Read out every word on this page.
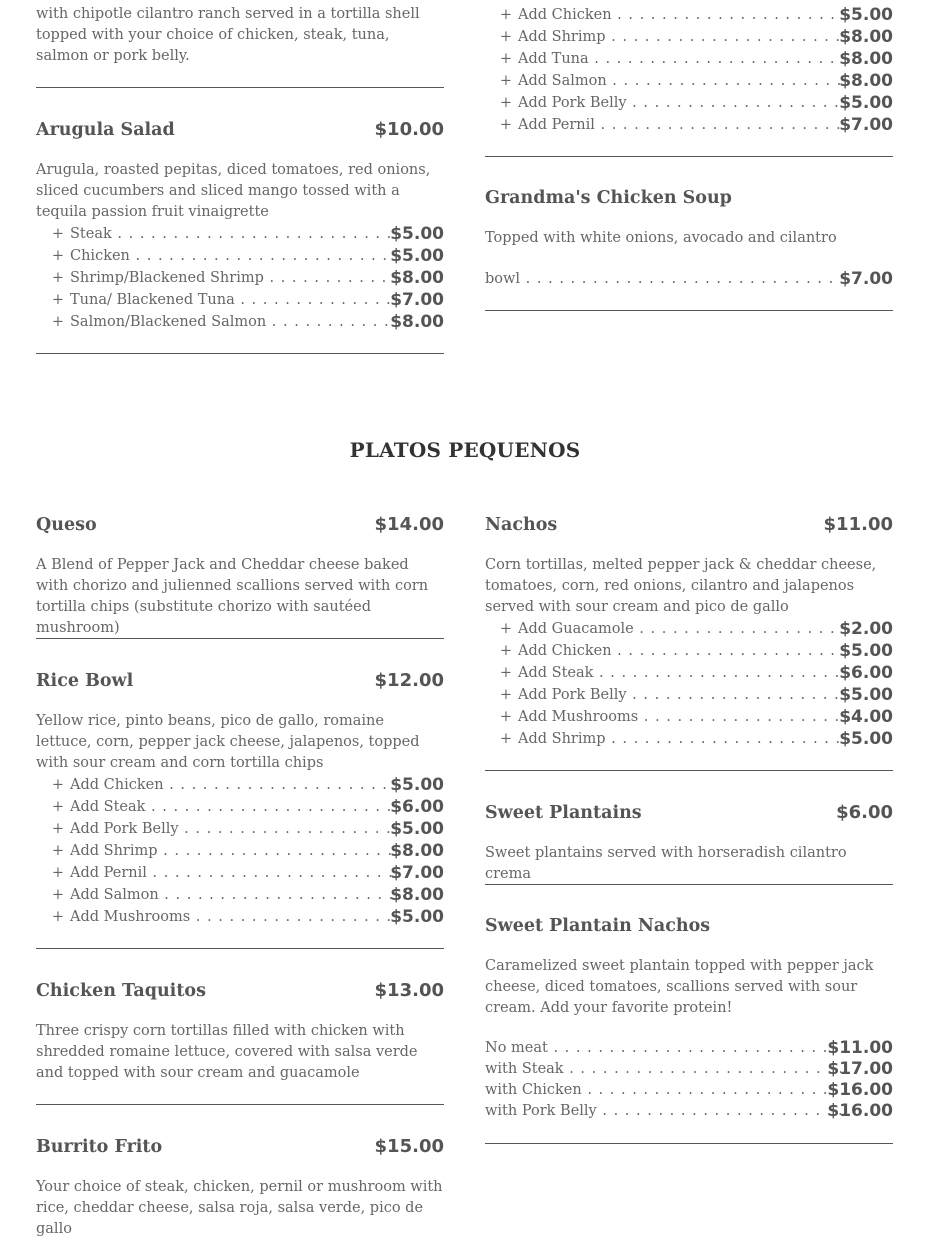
with chipotle cilantro ranch served in a tortilla shell topped with your choice of chicken, steak, tuna, salmon or pork belly.

Arugula Salad	$10.00

Arugula, roasted pepitas, diced tomatoes, red onions, sliced cucumbers and sliced mango tossed with a tequila passion fruit vinaigrette

+ Steak . . .	$5.00
+ Chicken . . .	$5.00
+ Shrimp/Blackened Shrimp . . .	$8.00
+ Tuna/ Blackened Tuna . . .	$7.00
+ Salmon/Blackened Salmon . . .	$8.00
+ Add Chicken . . .	$5.00
+ Add Shrimp . . .	$8.00
+ Add Tuna . . .	$8.00
+ Add Salmon . . .	$8.00
+ Add Pork Belly . . .	$5.00
+ Add Pernil . . .	$7.00
Grandma's Chicken Soup

Topped with white onions, avocado and cilantro

bowl . . .	$7.00
PLATOS PEQUENOS
Queso	$14.00

A Blend of Pepper Jack and Cheddar cheese baked with chorizo and julienned scallions served with corn tortilla chips (substitute chorizo with sautéed mushroom)

Rice Bowl	$12.00

Yellow rice, pinto beans, pico de gallo, romaine lettuce, corn, pepper jack cheese, jalapenos, topped with sour cream and corn tortilla chips

+ Add Chicken . . .	$5.00
+ Add Steak . . .	$6.00
+ Add Pork Belly . . .	$5.00
+ Add Shrimp . . .	$8.00
+ Add Pernil . . .	$7.00
+ Add Salmon . . .	$8.00
+ Add Mushrooms . . .	$5.00
Chicken Taquitos	$13.00

Three crispy corn tortillas filled with chicken with shredded romaine lettuce, covered with salsa verde and topped with sour cream and guacamole

Burrito Frito	$15.00

Your choice of steak, chicken, pernil or mushroom with rice, cheddar cheese, salsa roja, salsa verde, pico de gallo

Nachos	$11.00

Corn tortillas, melted pepper jack & cheddar cheese, tomatoes, corn, red onions, cilantro and jalapenos served with sour cream and pico de gallo

+ Add Guacamole . . .	$2.00
+ Add Chicken . . .	$5.00
+ Add Steak . . .	$6.00
+ Add Pork Belly . . .	$5.00
+ Add Mushrooms . . .	$4.00
+ Add Shrimp . . .	$5.00
Sweet Plantains	$6.00

Sweet plantains served with horseradish cilantro crema

Sweet Plantain Nachos

Caramelized sweet plantain topped with pepper jack cheese, diced tomatoes, scallions served with sour cream. Add your favorite protein!

No meat . . .	$11.00
with Steak . . .	$17.00
with Chicken . . .	$16.00
with Pork Belly . . .	$16.00
